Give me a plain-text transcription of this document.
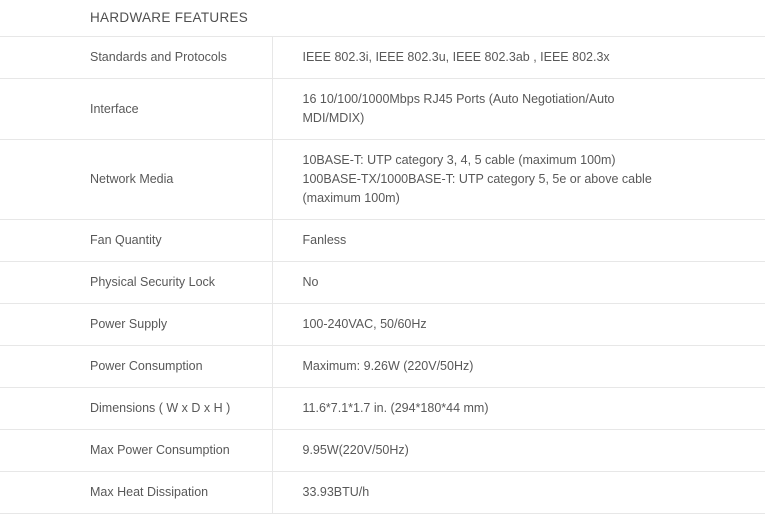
HARDWARE FEATURES
Standards and Protocols	IEEE 802.3i, IEEE 802.3u, IEEE 802.3ab , IEEE 802.3x

Interface	16 10/100/1000Mbps RJ45 Ports (Auto Negotiation/Auto
MDI/MDIX)

Network Media	10BASE-T: UTP category 3, 4, 5 cable (maximum 100m)
100BASE-TX/1000BASE-T: UTP category 5, 5e or above cable
(maximum 100m)

Fan Quantity	Fanless

Physical Security Lock	No

Power Supply	100-240VAC, 50/60Hz

Power Consumption	Maximum: 9.26W (220V/50Hz)

Dimensions ( W x D x H )	11.6*7.1*1.7 in. (294*180*44 mm)

Max Power Consumption	9.95W(220V/50Hz)

Max Heat Dissipation	33.93BTU/h
